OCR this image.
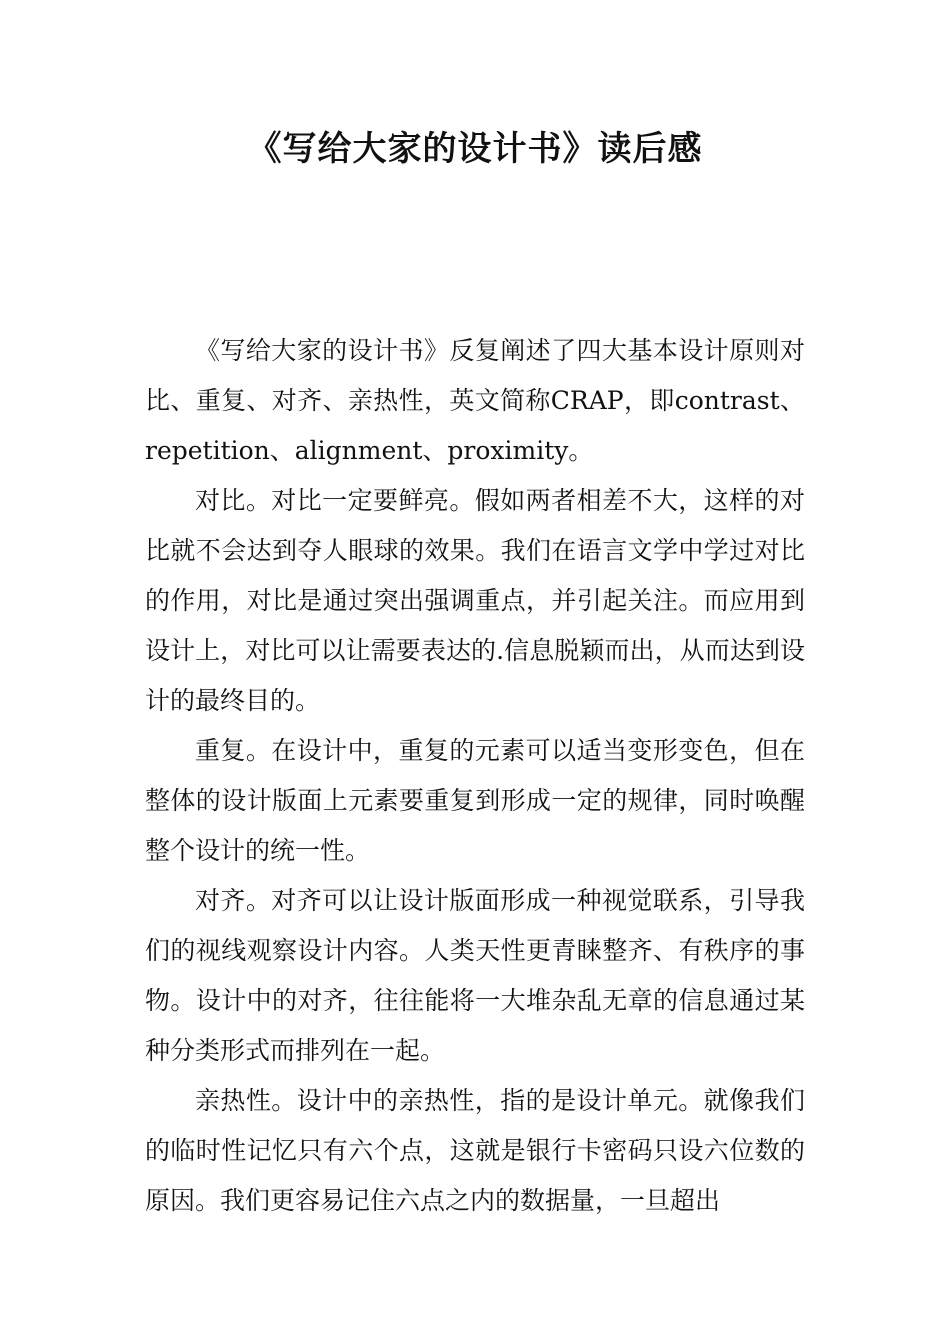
《写给大家的设计书》读后感

《写给大家的设计书》反复阐述了四大基本设计原则对比、重复、对齐、亲热性，英文简称CRAP，即contrast、repetition、alignment、proximity。

对比。对比一定要鲜亮。假如两者相差不大，这样的对比就不会达到夺人眼球的效果。我们在语言文学中学过对比的作用，对比是通过突出强调重点，并引起关注。而应用到设计上，对比可以让需要表达的.信息脱颖而出，从而达到设计的最终目的。

重复。在设计中，重复的元素可以适当变形变色，但在整体的设计版面上元素要重复到形成一定的规律，同时唤醒整个设计的统一性。

对齐。对齐可以让设计版面形成一种视觉联系，引导我们的视线观察设计内容。人类天性更青睐整齐、有秩序的事物。设计中的对齐，往往能将一大堆杂乱无章的信息通过某种分类形式而排列在一起。

亲热性。设计中的亲热性，指的是设计单元。就像我们的临时性记忆只有六个点，这就是银行卡密码只设六位数的原因。我们更容易记住六点之内的数据量，一旦超出
